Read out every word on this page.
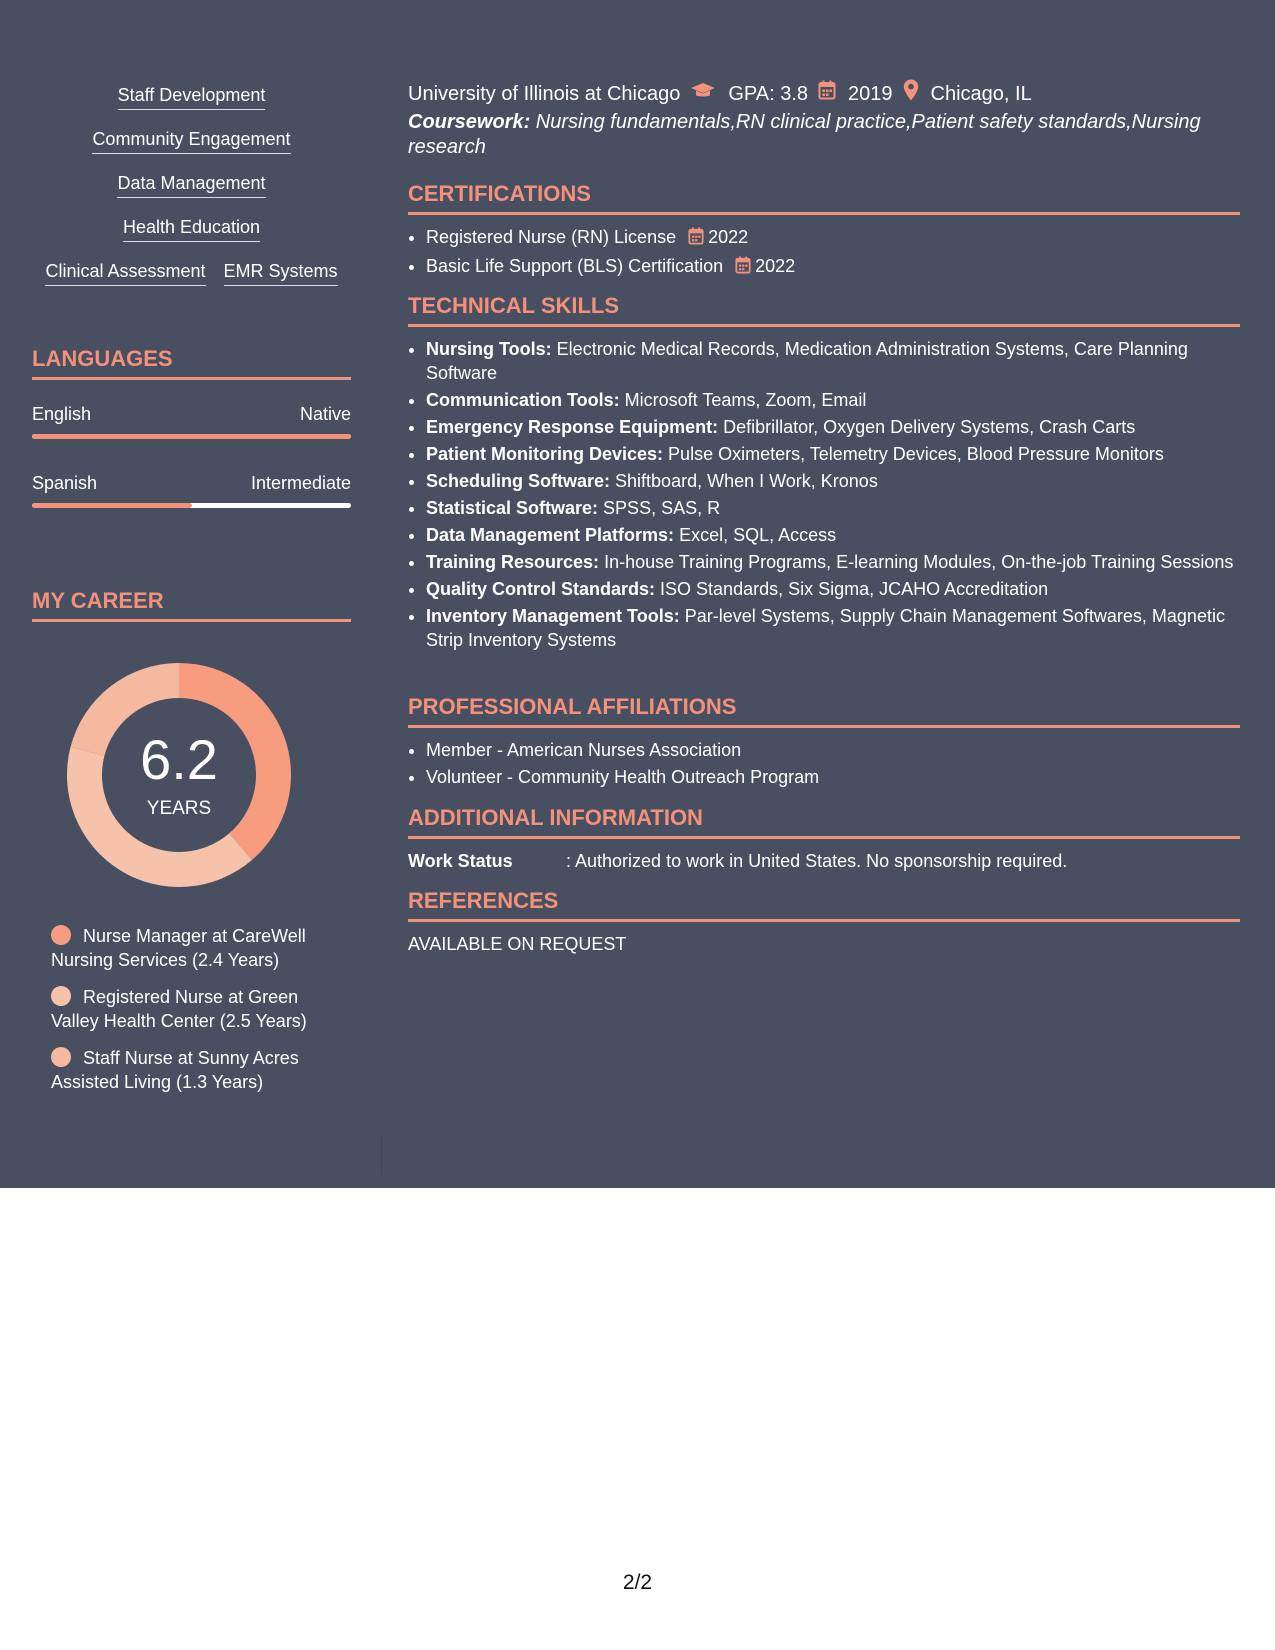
Staff Development
Community Engagement
Data Management
Health Education
Clinical Assessment EMR Systems
LANGUAGES
English	Native
Spanish	Intermediate
MY CAREER
6.2
YEARS
Nurse Manager at CareWell Nursing Services (2.4 Years)
Registered Nurse at Green Valley Health Center (2.5 Years)
Staff Nurse at Sunny Acres Assisted Living (1.3 Years)
University of Illinois at Chicago GPA: 3.8 2019 Chicago, IL
Coursework: Nursing fundamentals,RN clinical practice,Patient safety standards,Nursing research
CERTIFICATIONS
• Registered Nurse (RN) License 2022
• Basic Life Support (BLS) Certification 2022
TECHNICAL SKILLS
• Nursing Tools: Electronic Medical Records, Medication Administration Systems, Care Planning Software
• Communication Tools: Microsoft Teams, Zoom, Email
• Emergency Response Equipment: Defibrillator, Oxygen Delivery Systems, Crash Carts
• Patient Monitoring Devices: Pulse Oximeters, Telemetry Devices, Blood Pressure Monitors
• Scheduling Software: Shiftboard, When I Work, Kronos
• Statistical Software: SPSS, SAS, R
• Data Management Platforms: Excel, SQL, Access
• Training Resources: In-house Training Programs, E-learning Modules, On-the-job Training Sessions
• Quality Control Standards: ISO Standards, Six Sigma, JCAHO Accreditation
• Inventory Management Tools: Par-level Systems, Supply Chain Management Softwares, Magnetic Strip Inventory Systems
PROFESSIONAL AFFILIATIONS
• Member - American Nurses Association
• Volunteer - Community Health Outreach Program
ADDITIONAL INFORMATION
Work Status	: Authorized to work in United States. No sponsorship required.
REFERENCES
AVAILABLE ON REQUEST
2/2
